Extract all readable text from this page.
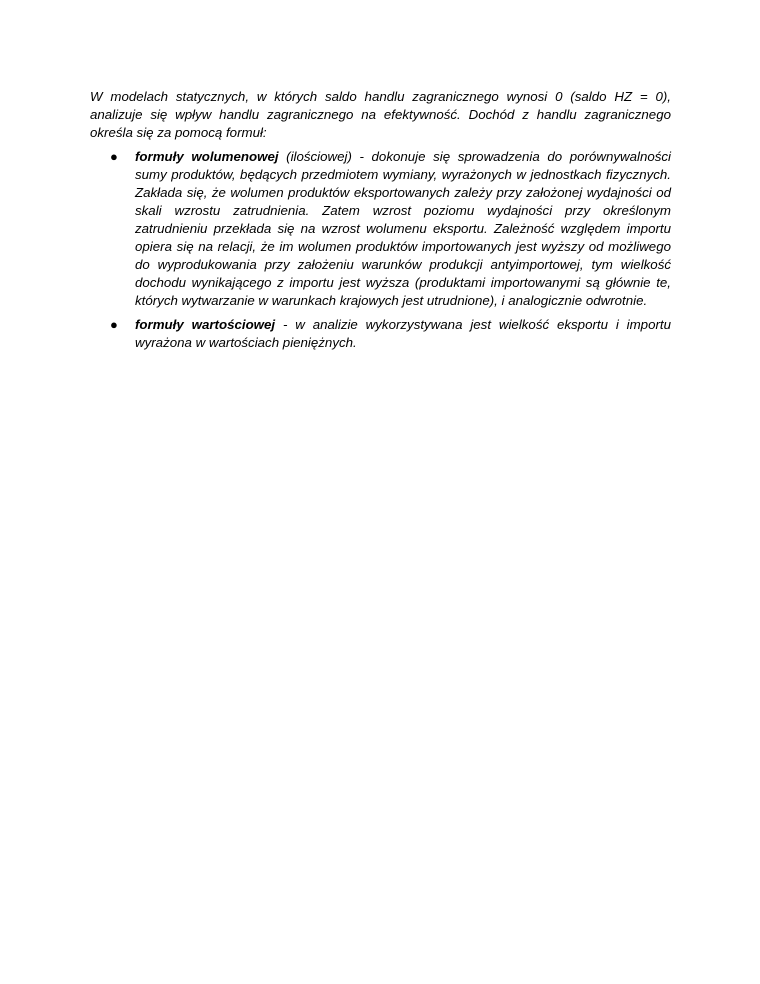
W modelach statycznych, w których saldo handlu zagranicznego wynosi 0 (saldo HZ = 0), analizuje się wpływ handlu zagranicznego na efektywność. Dochód z handlu zagranicznego określa się za pomocą formuł:

● formuły wolumenowej (ilościowej) - dokonuje się sprowadzenia do porównywalności sumy produktów, będących przedmiotem wymiany, wyrażonych w jednostkach fizycznych. Zakłada się, że wolumen produktów eksportowanych zależy przy założonej wydajności od skali wzrostu zatrudnienia. Zatem wzrost poziomu wydajności przy określonym zatrudnieniu przekłada się na wzrost wolumenu eksportu. Zależność względem importu opiera się na relacji, że im wolumen produktów importowanych jest wyższy od możliwego do wyprodukowania przy założeniu warunków produkcji antyimportowej, tym wielkość dochodu wynikającego z importu jest wyższa (produktami importowanymi są głównie te, których wytwarzanie w warunkach krajowych jest utrudnione), i analogicznie odwrotnie.
● formuły wartościowej - w analizie wykorzystywana jest wielkość eksportu i importu wyrażona w wartościach pieniężnych.
